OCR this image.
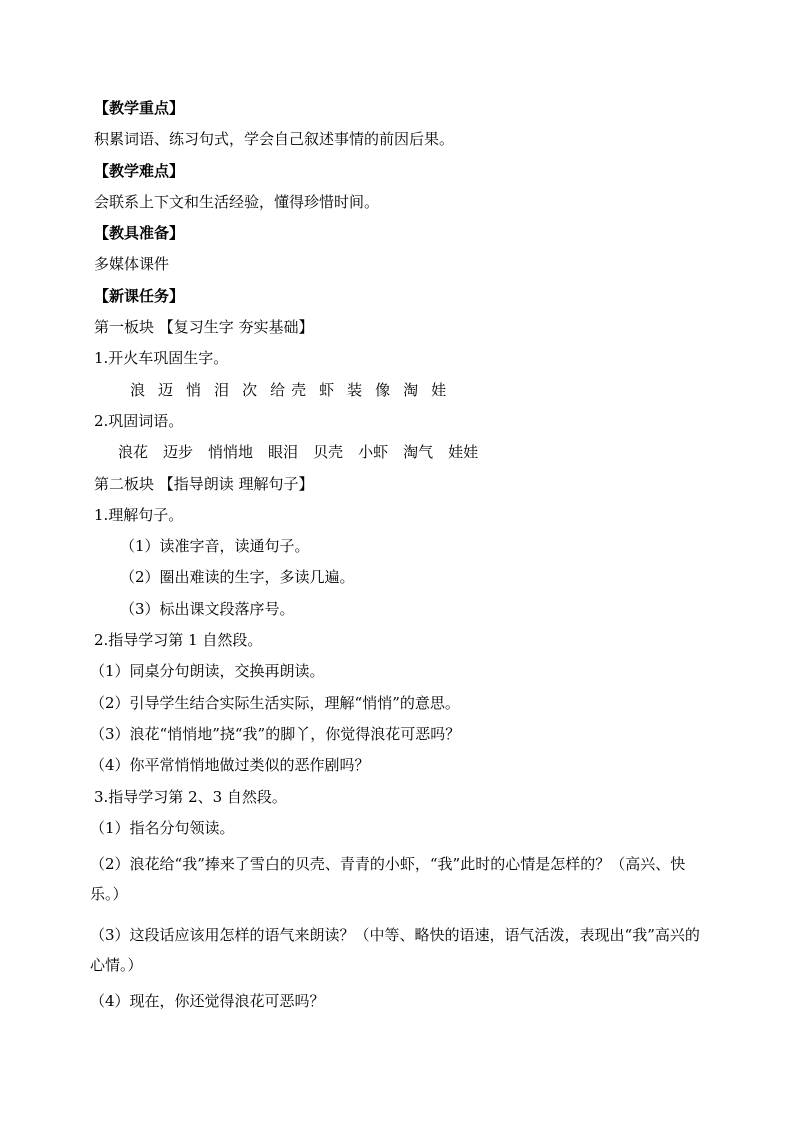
【教学重点】
积累词语、练习句式，学会自己叙述事情的前因后果。
【教学难点】
会联系上下文和生活经验，懂得珍惜时间。
【教具准备】
多媒体课件
【新课任务】
第一板块 【复习生字 夯实基础】
1.开火车巩固生字。
浪 迈 悄 泪 次 给 壳 虾 装 像 淘 娃
2.巩固词语。
浪花 迈步 悄悄地 眼泪 贝壳 小虾 淘气 娃娃
第二板块 【指导朗读 理解句子】
1.理解句子。
（1）读准字音，读通句子。
（2）圈出难读的生字，多读几遍。
（3）标出课文段落序号。
2.指导学习第 1 自然段。
（1）同桌分句朗读，交换再朗读。
（2）引导学生结合实际生活实际，理解“悄悄”的意思。
（3）浪花“悄悄地”挠“我”的脚丫，你觉得浪花可恶吗？
（4）你平常悄悄地做过类似的恶作剧吗？
3.指导学习第 2、3 自然段。
（1）指名分句领读。
（2）浪花给“我”捧来了雪白的贝壳、青青的小虾，“我”此时的心情是怎样的？（高兴、快乐。）
（3）这段话应该用怎样的语气来朗读？（中等、略快的语速，语气活泼，表现出“我”高兴的心情。）
（4）现在，你还觉得浪花可恶吗？
